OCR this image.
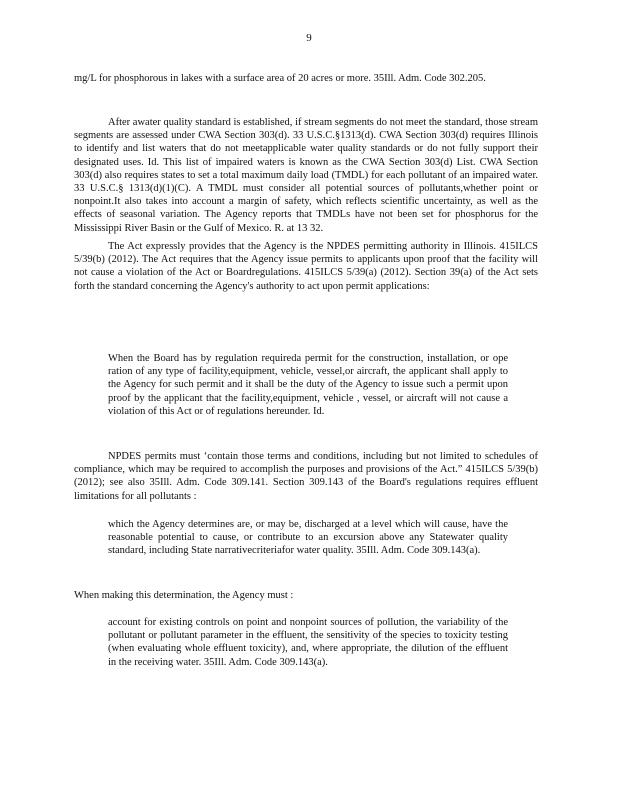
9

mg/L for phosphorous in lakes with a surface area of 20 acres or more. 35Ill. Adm. Code 302.205.

After awater quality standard is established, if stream segments do not meet the standard, those stream segments are assessed under CWA Section 303(d). 33 U.S.C.§1313(d). CWA Section 303(d) requires Illinois to identify and list waters that do not meetapplicable water quality standards or do not fully support their designated uses. Id. This list of impaired waters is known as the CWA Section 303(d) List. CWA Section 303(d) also requires states to set a total maximum daily load (TMDL) for each pollutant of an impaired water. 33 U.S.C.§ 1313(d)(1)(C). A TMDL must consider all potential sources of pollutants,whether point or nonpoint.It also takes into account a margin of safety, which reflects scientific uncertainty, as well as the effects of seasonal variation. The Agency reports that TMDLs have not been set for phosphorus for the Mississippi River Basin or the Gulf of Mexico. R. at 13 32.

The Act expressly provides that the Agency is the NPDES permitting authority in Illinois. 415ILCS 5/39(b) (2012). The Act requires that the Agency issue permits to applicants upon proof that the facility will not cause a violation of the Act or Boardregulations. 415ILCS 5/39(a) (2012). Section 39(a) of the Act sets forth the standard concerning the Agency's authority to act upon permit applications:

When the Board has by regulation requireda permit for the construction, installation, or ope ration of any type of facility,equipment, vehicle, vessel,or aircraft, the applicant shall apply to the Agency for such permit and it shall be the duty of the Agency to issue such a permit upon proof by the applicant that the facility,equipment, vehicle , vessel, or aircraft will not cause a violation of this Act or of regulations hereunder. Id.

NPDES permits must ‘contain those terms and conditions, including but not limited to schedules of compliance, which may be required to accomplish the purposes and provisions of the Act.” 415ILCS 5/39(b) (2012); see also 35Ill. Adm. Code 309.141. Section 309.143 of the Board's regulations requires effluent limitations for all pollutants :

which the Agency determines are, or may be, discharged at a level which will cause, have the reasonable potential to cause, or contribute to an excursion above any Statewater quality standard, including State narrativecriteriafor water quality. 35Ill. Adm. Code 309.143(a).

When making this determination, the Agency must :

account for existing controls on point and nonpoint sources of pollution, the variability of the pollutant or pollutant parameter in the effluent, the sensitivity of the species to toxicity testing (when evaluating whole effluent toxicity), and, where appropriate, the dilution of the effluent in the receiving water. 35Ill. Adm. Code 309.143(a).
